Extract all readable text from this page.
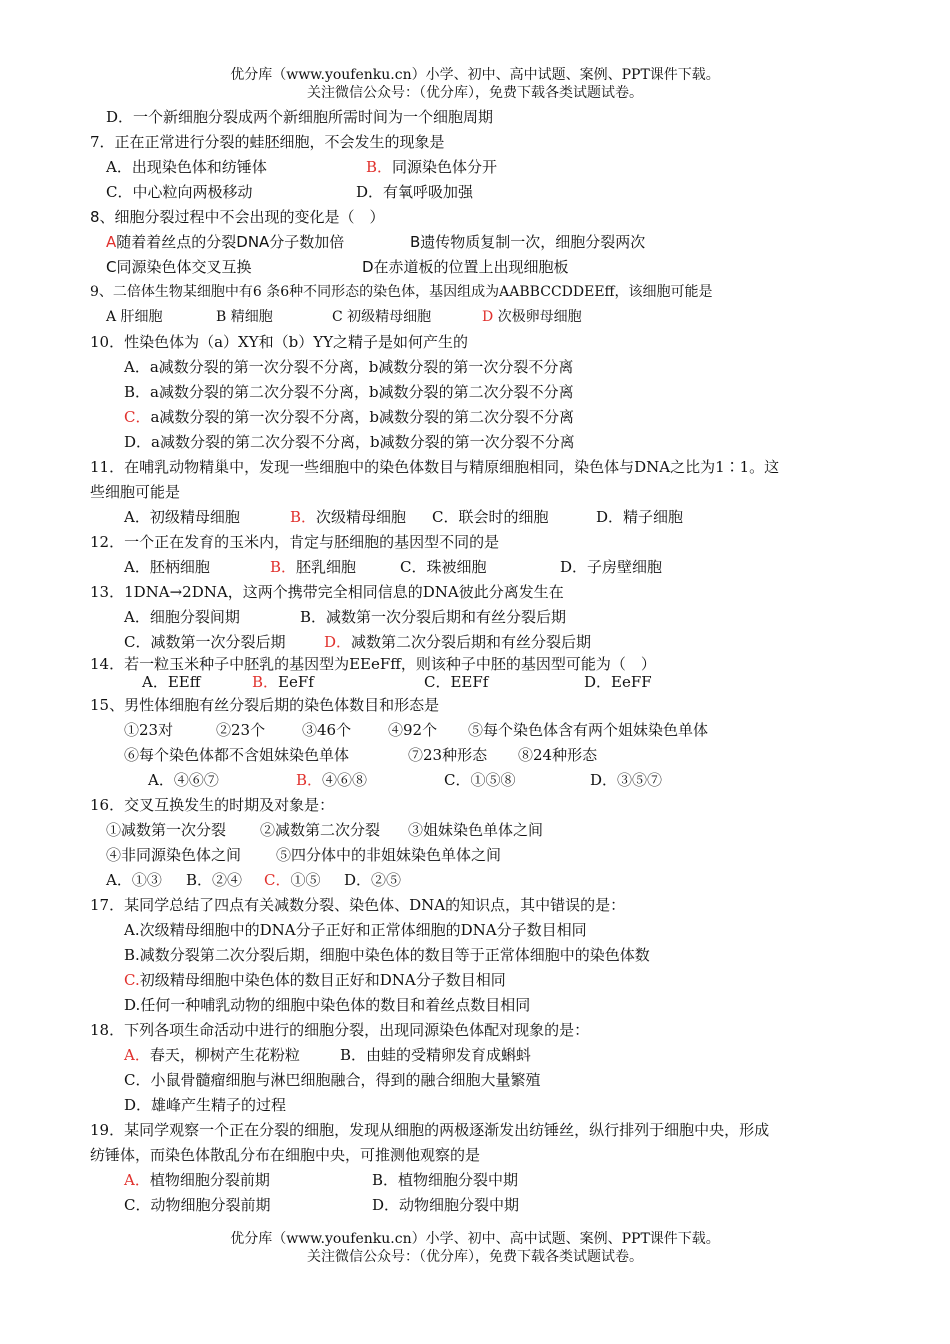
优分库（www.youfenku.cn）小学、初中、高中试题、案例、PPT课件下载。
关注微信公众号：（优分库），免费下载各类试题试卷。
D．一个新细胞分裂成两个新细胞所需时间为一个细胞周期
7．正在正常进行分裂的蛙胚细胞，不会发生的现象是
A．出现染色体和纺锤体	B．同源染色体分开
C．中心粒向两极移动	D．有氧呼吸加强
8、细胞分裂过程中不会出现的变化是（　）
A随着着丝点的分裂DNA分子数加倍	B遗传物质复制一次，细胞分裂两次
C同源染色体交叉互换	D在赤道板的位置上出现细胞板
9、二倍体生物某细胞中有6 条6种不同形态的染色体，基因组成为AABBCCDDEEff，该细胞可能是
A 肝细胞	B 精细胞	C 初级精母细胞	D 次极卵母细胞
10．性染色体为（a）XY和（b）YY之精子是如何产生的
A．a减数分裂的第一次分裂不分离，b减数分裂的第一次分裂不分离
B．a减数分裂的第二次分裂不分离，b减数分裂的第二次分裂不分离
C．a减数分裂的第一次分裂不分离，b减数分裂的第二次分裂不分离
D．a减数分裂的第二次分裂不分离，b减数分裂的第一次分裂不分离
11．在哺乳动物精巢中，发现一些细胞中的染色体数目与精原细胞相同，染色体与DNA之比为1∶1。这
些细胞可能是
A．初级精母细胞	B．次级精母细胞 C．联会时的细胞	D．精子细胞
12．一个正在发育的玉米内，肯定与胚细胞的基因型不同的是
A．胚柄细胞	B．胚乳细胞	C．珠被细胞	D．子房壁细胞
13．1DNA→2DNA，这两个携带完全相同信息的DNA彼此分离发生在
A．细胞分裂间期	B．减数第一次分裂后期和有丝分裂后期
C．减数第一次分裂后期	D．减数第二次分裂后期和有丝分裂后期
14．若一粒玉米种子中胚乳的基因型为EEeFff，则该种子中胚的基因型可能为（　）
A．EEff	B．EeFf	C．EEFf	D．EeFF
15、男性体细胞有丝分裂后期的染色体数目和形态是
①23对	②23个 ③46个 ④92个 ⑤每个染色体含有两个姐妹染色单体
⑥每个染色体都不含姐妹染色单体	⑦23种形态 ⑧24种形态
A．④⑥⑦	B．④⑥⑧	C．①⑤⑧	D．③⑤⑦
16．交叉互换发生的时期及对象是：
①减数第一次分裂 ②减数第二次分裂 ③姐妹染色单体之间
④非同源染色体之间 ⑤四分体中的非姐妹染色单体之间
A．①③ B．②④ C．①⑤ D．②⑤
17．某同学总结了四点有关减数分裂、染色体、DNA的知识点，其中错误的是：
A.次级精母细胞中的DNA分子正好和正常体细胞的DNA分子数目相同
B.减数分裂第二次分裂后期，细胞中染色体的数目等于正常体细胞中的染色体数
C.初级精母细胞中染色体的数目正好和DNA分子数目相同
D.任何一种哺乳动物的细胞中染色体的数目和着丝点数目相同
18．下列各项生命活动中进行的细胞分裂，出现同源染色体配对现象的是：
A．春天，柳树产生花粉粒	B．由蛙的受精卵发育成蝌蚪
C．小鼠骨髓瘤细胞与淋巴细胞融合，得到的融合细胞大量繁殖
D．雄峰产生精子的过程
19．某同学观察一个正在分裂的细胞，发现从细胞的两极逐渐发出纺锤丝，纵行排列于细胞中央，形成
纺锤体，而染色体散乱分布在细胞中央，可推测他观察的是
A．植物细胞分裂前期	B．植物细胞分裂中期
C．动物细胞分裂前期	D．动物细胞分裂中期
优分库（www.youfenku.cn）小学、初中、高中试题、案例、PPT课件下载。
关注微信公众号：（优分库），免费下载各类试题试卷。
